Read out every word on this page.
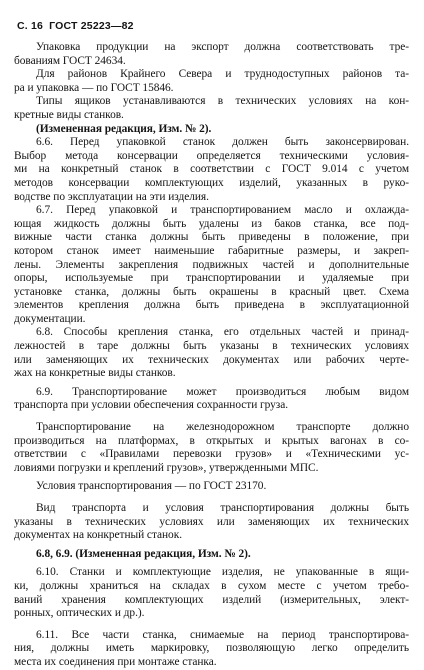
С. 16 ГОСТ 25223—82
Упаковка продукции на экспорт должна соответствовать тре-
бованиям ГОСТ 24634.
Для районов Крайнего Севера и труднодоступных районов та-
ра и упаковка — по ГОСТ 15846.
Типы ящиков устанавливаются в технических условиях на кон-
кретные виды станков.
(Измененная редакция, Изм. № 2).
6.6. Перед упаковкой станок должен быть законсервирован.
Выбор метода консервации определяется техническими условия-
ми на конкретный станок в соответствии с ГОСТ 9.014 с учетом
методов консервации комплектующих изделий, указанных в руко-
водстве по эксплуатации на эти изделия.
6.7. Перед упаковкой и транспортированием масло и охлажда-
ющая жидкость должны быть удалены из баков станка, все под-
вижные части станка должны быть приведены в положение, при
котором станок имеет наименьшие габаритные размеры, и закреп-
лены. Элементы закрепления подвижных частей и дополнительные
опоры, используемые при транспортировании и удаляемые при
установке станка, должны быть окрашены в красный цвет. Схема
элементов крепления должна быть приведена в эксплуатационной
документации.
6.8. Способы крепления станка, его отдельных частей и принад-
лежностей в таре должны быть указаны в технических условиях
или заменяющих их технических документах или рабочих черте-
жах на конкретные виды станков.
6.9. Транспортирование может производиться любым видом
транспорта при условии обеспечения сохранности груза.
Транспортирование на железнодорожном транспорте должно
производиться на платформах, в открытых и крытых вагонах в со-
ответствии с «Правилами перевозки грузов» и «Техническими ус-
ловиями погрузки и креплений грузов», утвержденными МПС.
Условия транспортирования — по ГОСТ 23170.
Вид транспорта и условия транспортирования должны быть
указаны в технических условиях или заменяющих их технических
документах на конкретный станок.
6.8, 6.9. (Измененная редакция, Изм. № 2).
6.10. Станки и комплектующие изделия, не упакованные в ящи-
ки, должны храниться на складах в сухом месте с учетом требо-
ваний хранения комплектующих изделий (измерительных, элект-
ронных, оптических и др.).
6.11. Все части станка, снимаемые на период транспортирова-
ния, должны иметь маркировку, позволяющую легко определить
места их соединения при монтаже станка.
